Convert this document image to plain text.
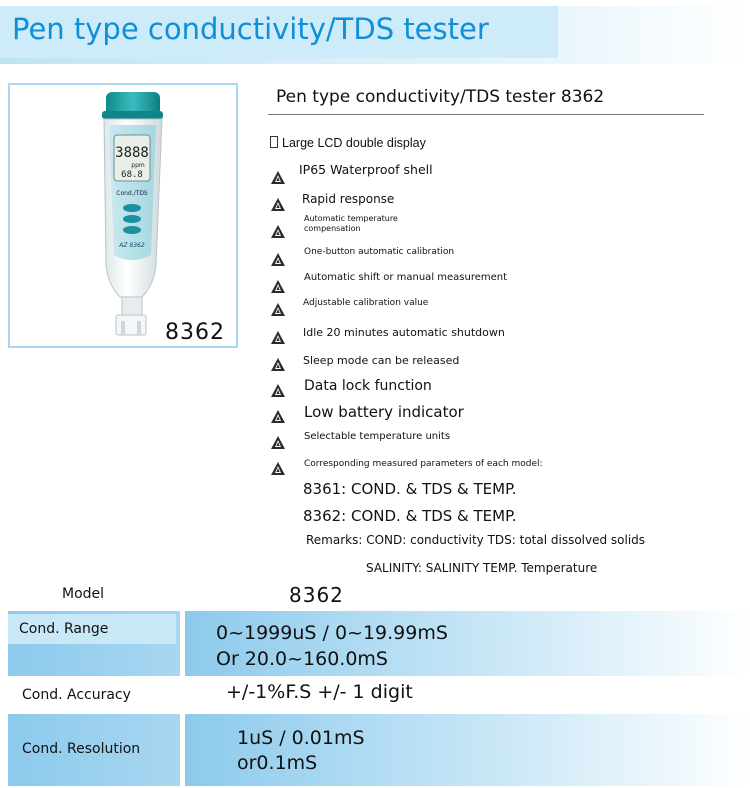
Pen type conductivity/TDS tester
3888
ppm
68.8
Cond./TDS
AZ 8362
8362
Pen type conductivity/TDS tester 8362
Large LCD double display
IP65 Waterproof shell
Rapid response
Automatic temperature compensation
One-button automatic calibration
Automatic shift or manual measurement
Adjustable calibration value
Idle 20 minutes automatic shutdown
Sleep mode can be released
Data lock function
Low battery indicator
Selectable temperature units
Corresponding measured parameters of each model:
8361: COND. & TDS & TEMP.
8362: COND. & TDS & TEMP.
Remarks: COND: conductivity TDS: total dissolved solids
SALINITY: SALINITY TEMP. Temperature
Model	8362
Cond. Range	0~1999uS / 0~19.99mS
Or 20.0~160.0mS
Cond. Accuracy	+/-1%F.S +/- 1 digit
Cond. Resolution	1uS / 0.01mS
or0.1mS
